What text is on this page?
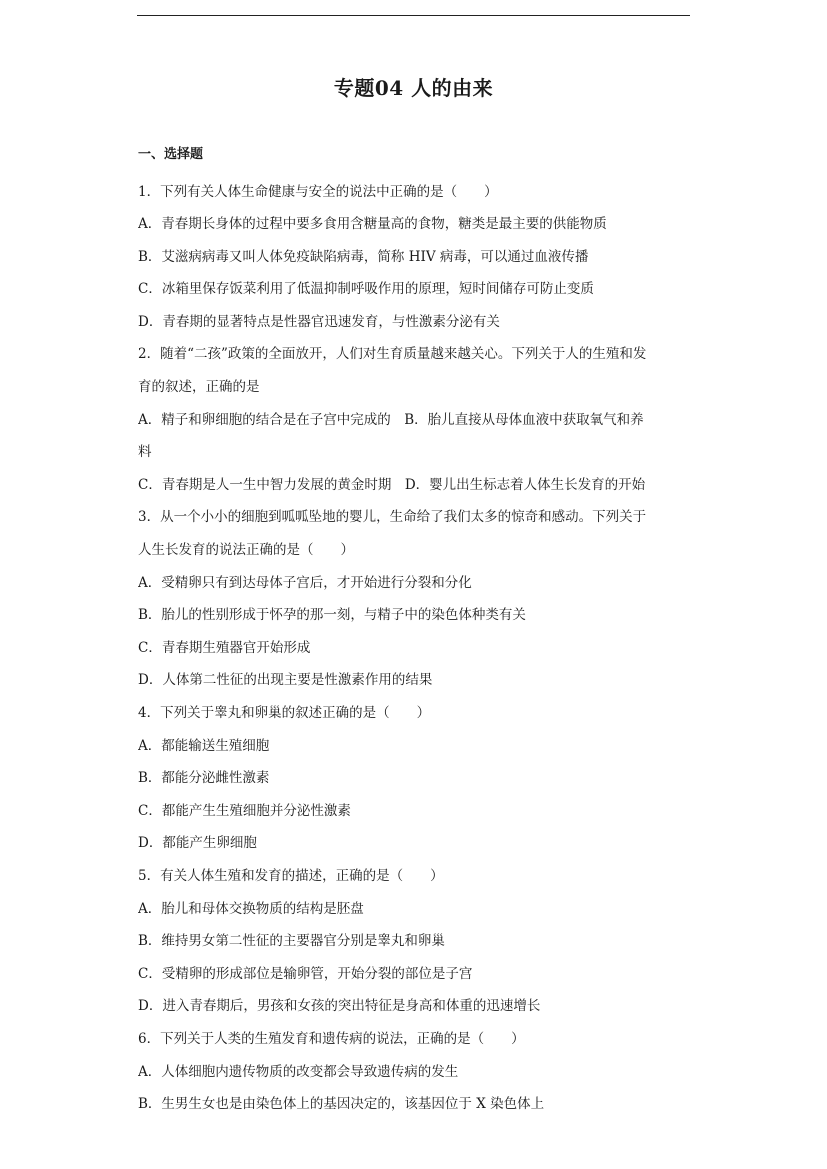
专题04 人的由来
一、选择题
1．下列有关人体生命健康与安全的说法中正确的是（　　）
A．青春期长身体的过程中要多食用含糖量高的食物，糖类是最主要的供能物质
B．艾滋病病毒又叫人体免疫缺陷病毒，简称 HIV 病毒，可以通过血液传播
C．冰箱里保存饭菜利用了低温抑制呼吸作用的原理，短时间储存可防止变质
D．青春期的显著特点是性器官迅速发育，与性激素分泌有关
2．随着“二孩”政策的全面放开，人们对生育质量越来越关心。下列关于人的生殖和发
育的叙述，正确的是
A．精子和卵细胞的结合是在子宫中完成的　B．胎儿直接从母体血液中获取氧气和养
料
C．青春期是人一生中智力发展的黄金时期　D．婴儿出生标志着人体生长发育的开始
3．从一个小小的细胞到呱呱坠地的婴儿，生命给了我们太多的惊奇和感动。下列关于
人生长发育的说法正确的是（　　）
A．受精卵只有到达母体子宫后，才开始进行分裂和分化
B．胎儿的性别形成于怀孕的那一刻，与精子中的染色体种类有关
C．青春期生殖器官开始形成
D．人体第二性征的出现主要是性激素作用的结果
4．下列关于睾丸和卵巢的叙述正确的是（　　）
A．都能输送生殖细胞
B．都能分泌雌性激素
C．都能产生生殖细胞并分泌性激素
D．都能产生卵细胞
5．有关人体生殖和发育的描述，正确的是（　　）
A．胎儿和母体交换物质的结构是胚盘
B．维持男女第二性征的主要器官分别是睾丸和卵巢
C．受精卵的形成部位是输卵管，开始分裂的部位是子宫
D．进入青春期后，男孩和女孩的突出特征是身高和体重的迅速增长
6．下列关于人类的生殖发育和遗传病的说法，正确的是（　　）
A．人体细胞内遗传物质的改变都会导致遗传病的发生
B．生男生女也是由染色体上的基因决定的，该基因位于 X 染色体上
